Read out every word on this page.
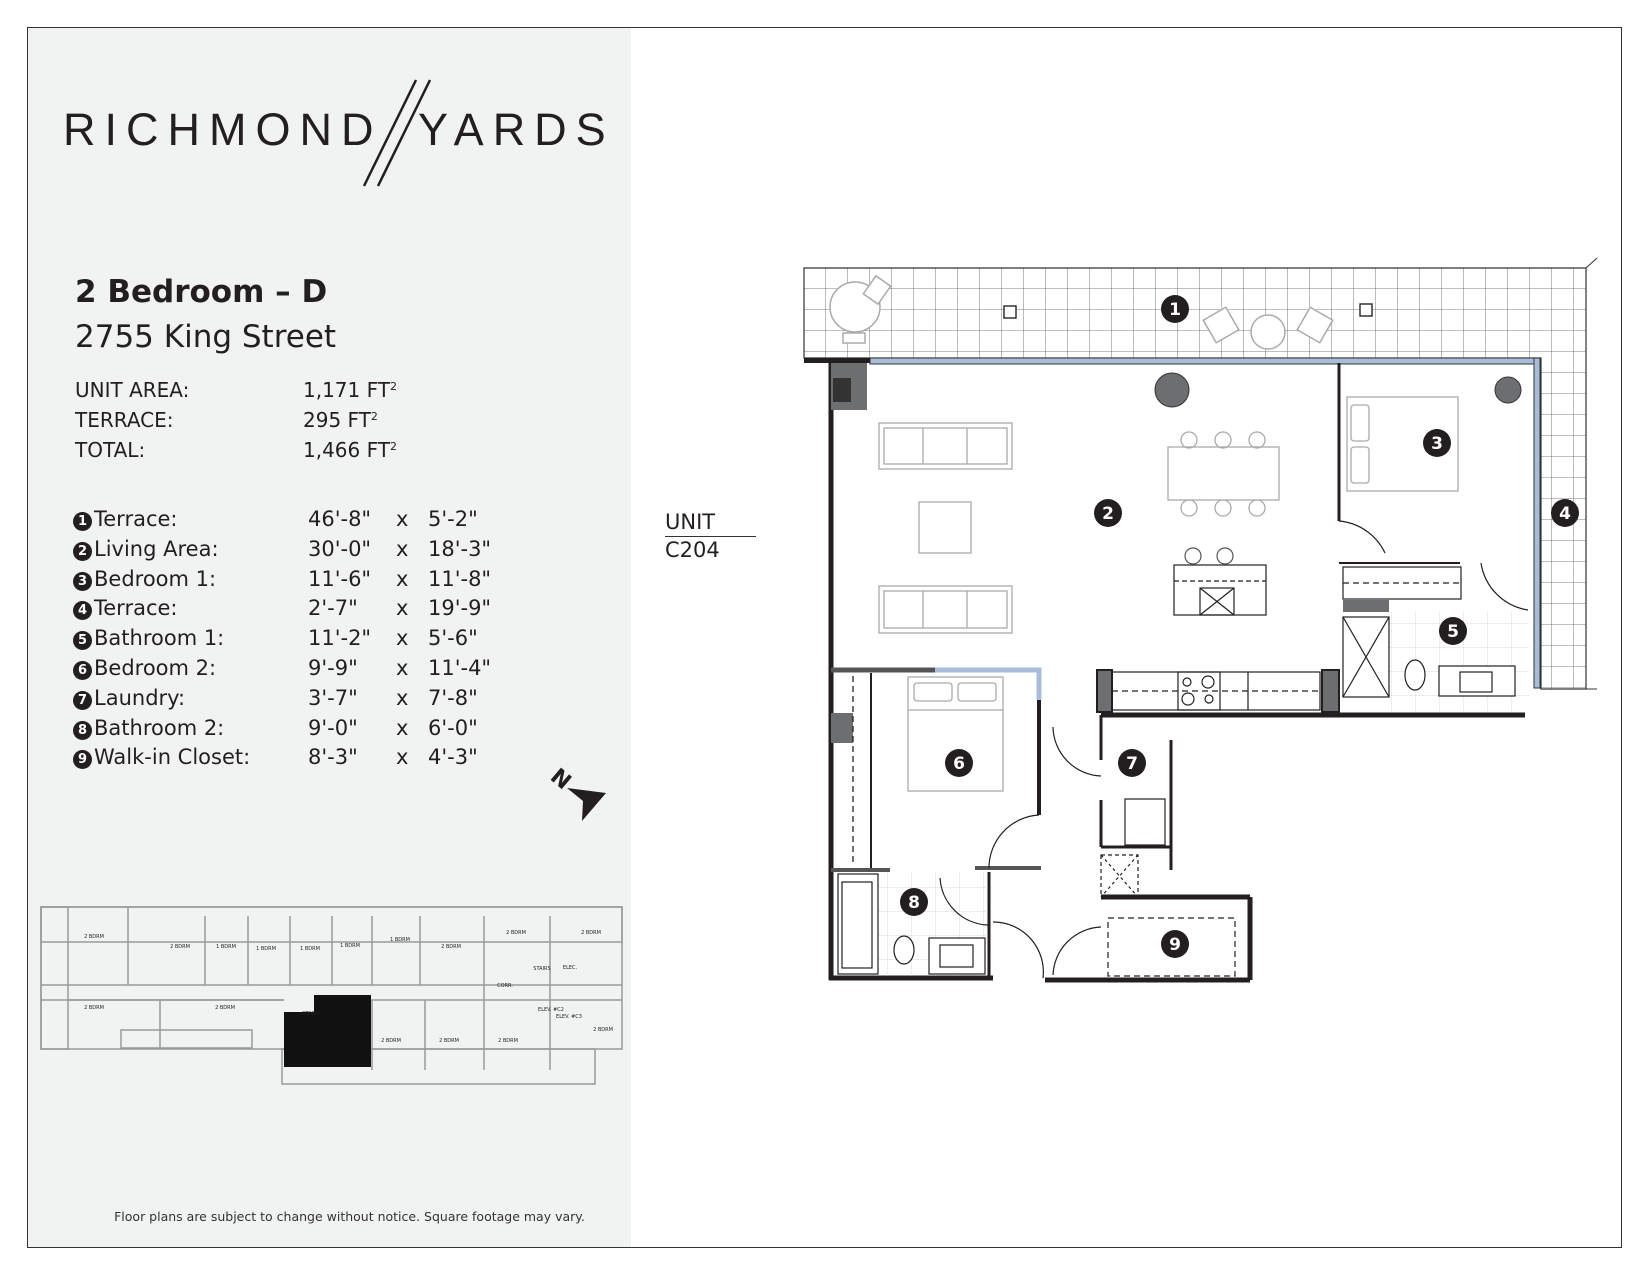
RICHMOND YARDS
2 Bedroom – D
2755 King Street
UNIT AREA:	1,171 $FT^2$
TERRACE:	295 $FT^2$
TOTAL:	1,466 $FT^2$
1 Terrace:	46'-8" x 5'-2"
2 Living Area:	30'-0" x 18'-3"
3 Bedroom 1:	11'-6" x 11'-8"
4 Terrace:	2'-7" x 19'-9"
5 Bathroom 1:	11'-2" x 5'-6"
6 Bedroom 2:	9'-9" x 11'-4"
7 Laundry:	3'-7" x 7'-8"
8 Bathroom 2:	9'-0" x 6'-0"
9 Walk-in Closet:	8'-3" x 4'-3"
UNIT
C204
Floor plans are subject to change without notice. Square footage may vary.
N
1
2
3
4
5
6	7
8
9
2 BDRM
2 BDRM	1 BDRM	1 BDRM	1 BDRM	1 BDRM
1 BDRM
2 BDRM
2 BDRM	2 BDRM
STAIRS ELEC.
CORR.
2 BDRM	2 BDRM
STAIRS
ELEV. #C2
ELEV. #C3
2 BDRM
2 BDRM	2 BDRM	2 BDRM
